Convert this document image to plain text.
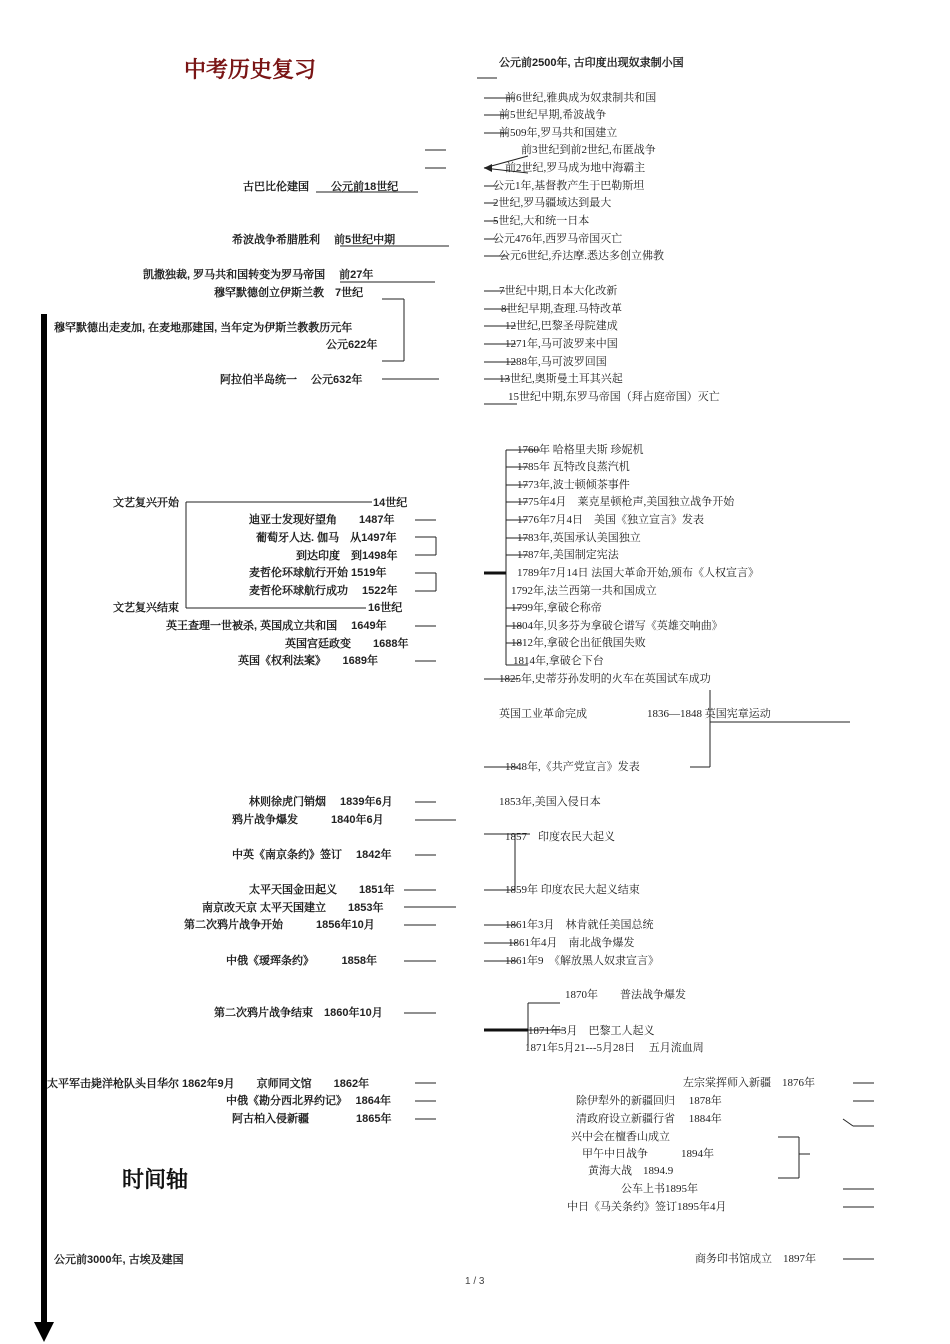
中考历史复习
时间轴
1 / 3
古巴比伦建国　　公元前18世纪
希波战争希腊胜利　 前5世纪中期
凯撒独裁, 罗马共和国转变为罗马帝国　 前27年
穆罕默德创立伊斯兰教　7世纪
穆罕默德出走麦加, 在麦地那建国, 当年定为伊斯兰教教历元年
公元622年
阿拉伯半岛统一　 公元632年
文艺复兴开始	14世纪
迪亚士发现好望角　　1487年
葡萄牙人达. 伽马　从1497年
到达印度　到1498年
麦哲伦环球航行开始 1519年
麦哲伦环球航行成功　 1522年
文艺复兴结束	16世纪
英王查理一世被杀, 英国成立共和国　 1649年
英国宫廷政变　　1688年
英国《权利法案》　　1689年
林则徐虎门销烟　 1839年6月
鸦片战争爆发　　　1840年6月
中英《南京条约》签订　 1842年
太平天国金田起义　　1851年
南京改天京 太平天国建立　　1853年
第二次鸦片战争开始　　　1856年10月
中俄《瑷珲条约》　　　1858年
第二次鸦片战争结束　1860年10月
太平军击毙洋枪队头目华尔 1862年9月　　京师同文馆　　1862年
中俄《勘分西北界约记》　 1864年
阿古柏入侵新疆　　　　 1865年
公元前3000年, 古埃及建国
公元前2500年, 古印度出现奴隶制小国
前6世纪,雅典成为奴隶制共和国
前5世纪早期,希波战争
前509年,罗马共和国建立
前3世纪到前2世纪,布匿战争
前2世纪,罗马成为地中海霸主
公元1年,基督教产生于巴勒斯坦
2世纪,罗马疆域达到最大
5世纪,大和统一日本
公元476年,西罗马帝国灭亡
公元6世纪,乔达摩.悉达多创立佛教
7世纪中期,日本大化改新
8世纪早期,查理.马特改革
12世纪,巴黎圣母院建成
1271年,马可波罗来中国
1288年,马可波罗回国
13世纪,奥斯曼土耳其兴起
15世纪中期,东罗马帝国（拜占庭帝国）灭亡
1760年 哈格里夫斯 珍妮机
1785年 瓦特改良蒸汽机
1773年,波士顿倾茶事件
1775年4月　莱克星顿枪声,美国独立战争开始
1776年7月4日　美国《独立宣言》发表
1783年,英国承认美国独立
1787年,美国制定宪法
1789年7月14日 法国大革命开始,颁布《人权宣言》
1792年,法兰西第一共和国成立
1799年,拿破仑称帝
1804年,贝多芬为拿破仑谱写《英雄交响曲》
1812年,拿破仑出征俄国失败
1814年,拿破仑下台
1825年,史蒂芬孙发明的火车在英国试车成功
英国工业革命完成	1836—1848 英国宪章运动
1848年,《共产党宣言》发表
1853年,美国入侵日本
1857　印度农民大起义
1859年 印度农民大起义结束
1861年3月　林肯就任美国总统
1861年4月　南北战争爆发
1861年9　《解放黑人奴隶宣言》
1870年　　普法战争爆发
1871年3月　巴黎工人起义
1871年5月21---5月28日　 五月流血周
左宗棠挥师入新疆　1876年
除伊犁外的新疆回归　 1878年
清政府设立新疆行省　 1884年
兴中会在檀香山成立
甲午中日战争　　　1894年
黄海大战　1894.9
公车上书1895年
中日《马关条约》签订1895年4月
商务印书馆成立　1897年
